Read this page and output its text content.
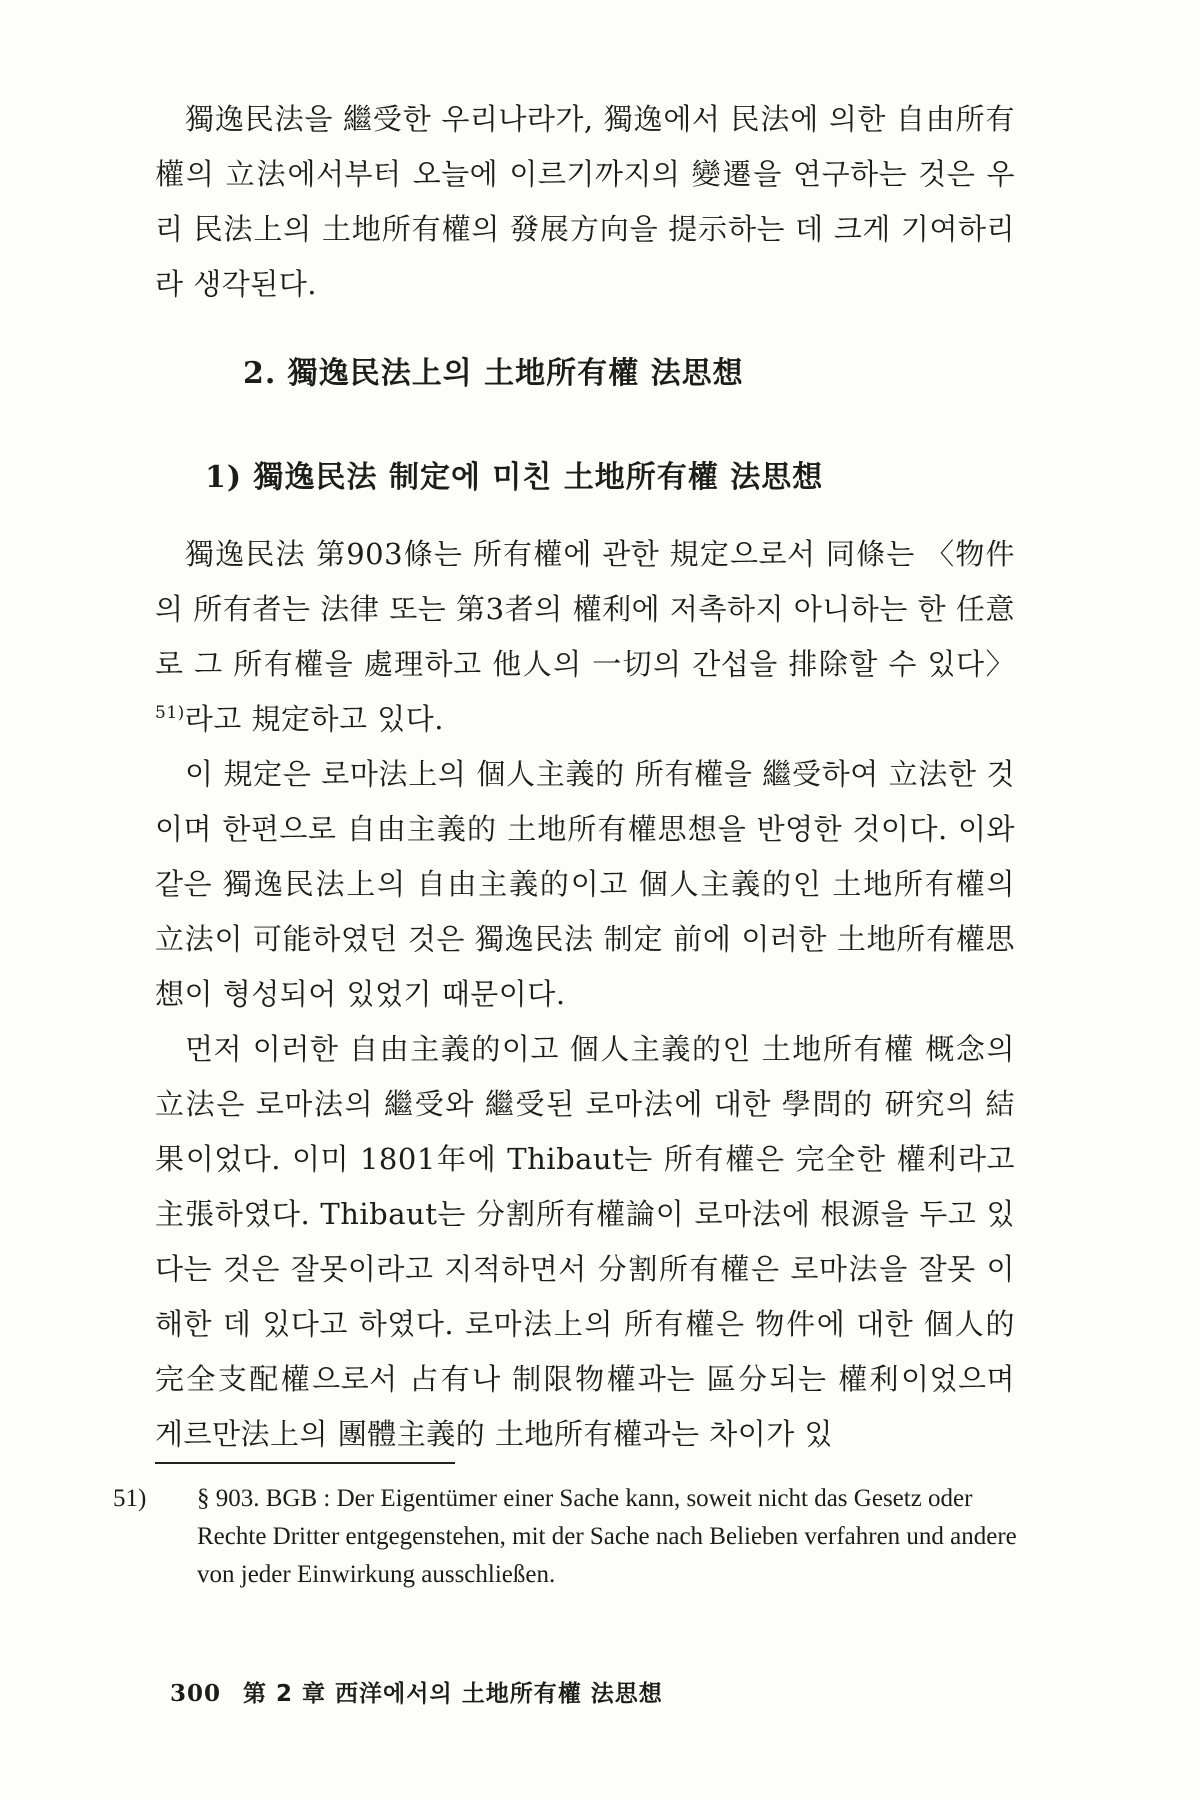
獨逸民法을 繼受한 우리나라가, 獨逸에서 民法에 의한 自由所有權의 立法에서부터 오늘에 이르기까지의 變遷을 연구하는 것은 우리 民法上의 土地所有權의 發展方向을 提示하는 데 크게 기여하리라 생각된다.

2. 獨逸民法上의 土地所有權 法思想
1) 獨逸民法 制定에 미친 土地所有權 法思想

獨逸民法 第903條는 所有權에 관한 規定으로서 同條는 〈物件의 所有者는 法律 또는 第3者의 權利에 저촉하지 아니하는 한 任意로 그 所有權을 處理하고 他人의 一切의 간섭을 排除할 수 있다〉$^{51)}$라고 規定하고 있다.

이 規定은 로마法上의 個人主義的 所有權을 繼受하여 立法한 것이며 한편으로 自由主義的 土地所有權思想을 반영한 것이다. 이와 같은 獨逸民法上의 自由主義的이고 個人主義的인 土地所有權의 立法이 可能하였던 것은 獨逸民法 制定 前에 이러한 土地所有權思想이 형성되어 있었기 때문이다.

먼저 이러한 自由主義的이고 個人主義的인 土地所有權 概念의 立法은 로마法의 繼受와 繼受된 로마法에 대한 學問的 硏究의 結果이었다. 이미 1801年에 Thibaut는 所有權은 完全한 權利라고 主張하였다. Thibaut는 分割所有權論이 로마法에 根源을 두고 있다는 것은 잘못이라고 지적하면서 分割所有權은 로마法을 잘못 이해한 데 있다고 하였다. 로마法上의 所有權은 物件에 대한 個人的 完全支配權으로서 占有나 制限物權과는 區分되는 權利이었으며 게르만法上의 團體主義的 土地所有權과는 차이가 있

51) § 903. BGB : Der Eigentümer einer Sache kann, soweit nicht das Gesetz oder Rechte Dritter entgegenstehen, mit der Sache nach Belieben verfahren und andere von jeder Einwirkung ausschließen.
300 第 2 章 西洋에서의 土地所有權 法思想
